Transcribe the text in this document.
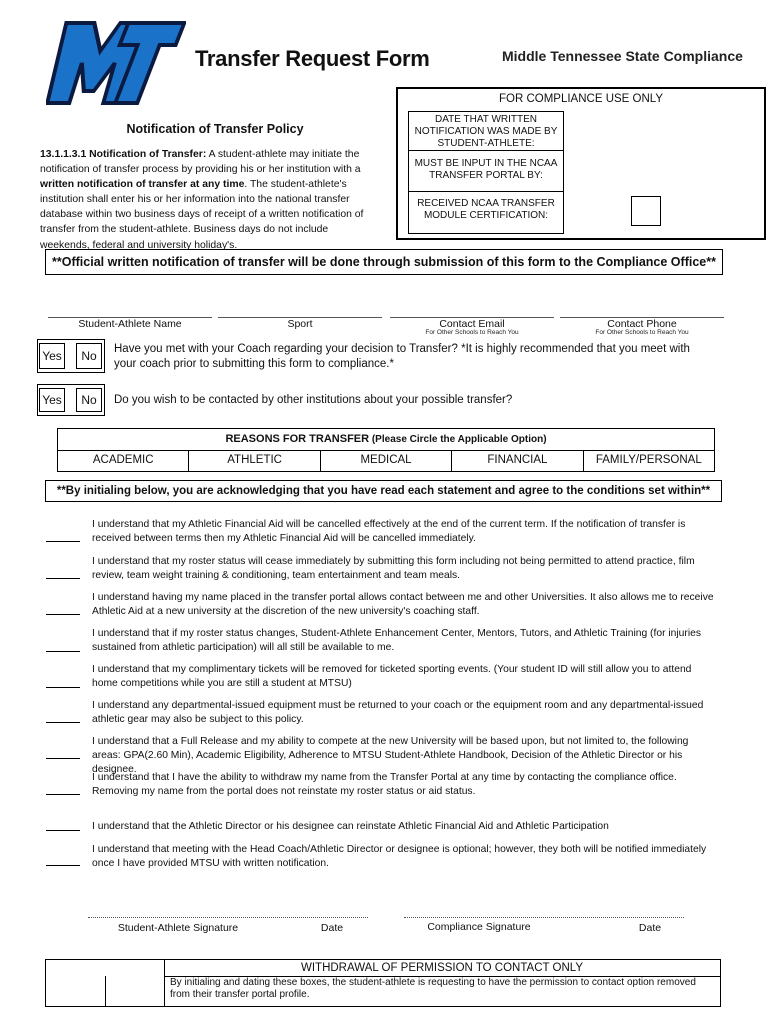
Transfer Request Form	Middle Tennessee State Compliance
FOR COMPLIANCE USE ONLY
DATE THAT WRITTEN NOTIFICATION WAS MADE BY STUDENT-ATHLETE:
MUST BE INPUT IN THE NCAA TRANSFER PORTAL BY:
RECEIVED NCAA TRANSFER MODULE CERTIFICATION:
Notification of Transfer Policy
13.1.1.3.1 Notification of Transfer: A student-athlete may initiate the notification of transfer process by providing his or her institution with a written notification of transfer at any time. The student-athlete's institution shall enter his or her information into the national transfer database within two business days of receipt of a written notification of transfer from the student-athlete. Business days do not include weekends, federal and university holiday's.
**Official written notification of transfer will be done through submission of this form to the Compliance Office**
Student-Athlete Name	Sport	Contact Email	Contact Phone
For Other Schools to Reach You	For Other Schools to Reach You
Yes	No	Have you met with your Coach regarding your decision to Transfer? *It is highly recommended that you meet with your coach prior to submitting this form to compliance.*
Yes	No	Do you wish to be contacted by other institutions about your possible transfer?
REASONS FOR TRANSFER (Please Circle the Applicable Option)
ACADEMIC	ATHLETIC	MEDICAL	FINANCIAL	FAMILY/PERSONAL
**By initialing below, you are acknowledging that you have read each statement and agree to the conditions set within**
I understand that my Athletic Financial Aid will be cancelled effectively at the end of the current term. If the notification of transfer is received between terms then my Athletic Financial Aid will be cancelled immediately.
I understand that my roster status will cease immediately by submitting this form including not being permitted to attend practice, film review, team weight training & conditioning, team entertainment and team meals.
I understand having my name placed in the transfer portal allows contact between me and other Universities. It also allows me to receive Athletic Aid at a new university at the discretion of the new university's coaching staff.
I understand that if my roster status changes, Student-Athlete Enhancement Center, Mentors, Tutors, and Athletic Training (for injuries sustained from athletic participation) will all still be available to me.
I understand that my complimentary tickets will be removed for ticketed sporting events. (Your student ID will still allow you to attend home competitions while you are still a student at MTSU)
I understand any departmental-issued equipment must be returned to your coach or the equipment room and any departmental-issued athletic gear may also be subject to this policy.
I understand that a Full Release and my ability to compete at the new University will be based upon, but not limited to, the following areas: GPA(2.60 Min), Academic Eligibility, Adherence to MTSU Student-Athlete Handbook, Decision of the Athletic Director or his designee.
I understand that I have the ability to withdraw my name from the Transfer Portal at any time by contacting the compliance office. Removing my name from the portal does not reinstate my roster status or aid status.
I understand that the Athletic Director or his designee can reinstate Athletic Financial Aid and Athletic Participation
I understand that meeting with the Head Coach/Athletic Director or designee is optional; however, they both will be notified immediately once I have provided MTSU with written notification.
Student-Athlete Signature	Date	Compliance Signature	Date
WITHDRAWAL OF PERMISSION TO CONTACT ONLY
By initialing and dating these boxes, the student-athlete is requesting to have the permission to contact option removed from their transfer portal profile.
